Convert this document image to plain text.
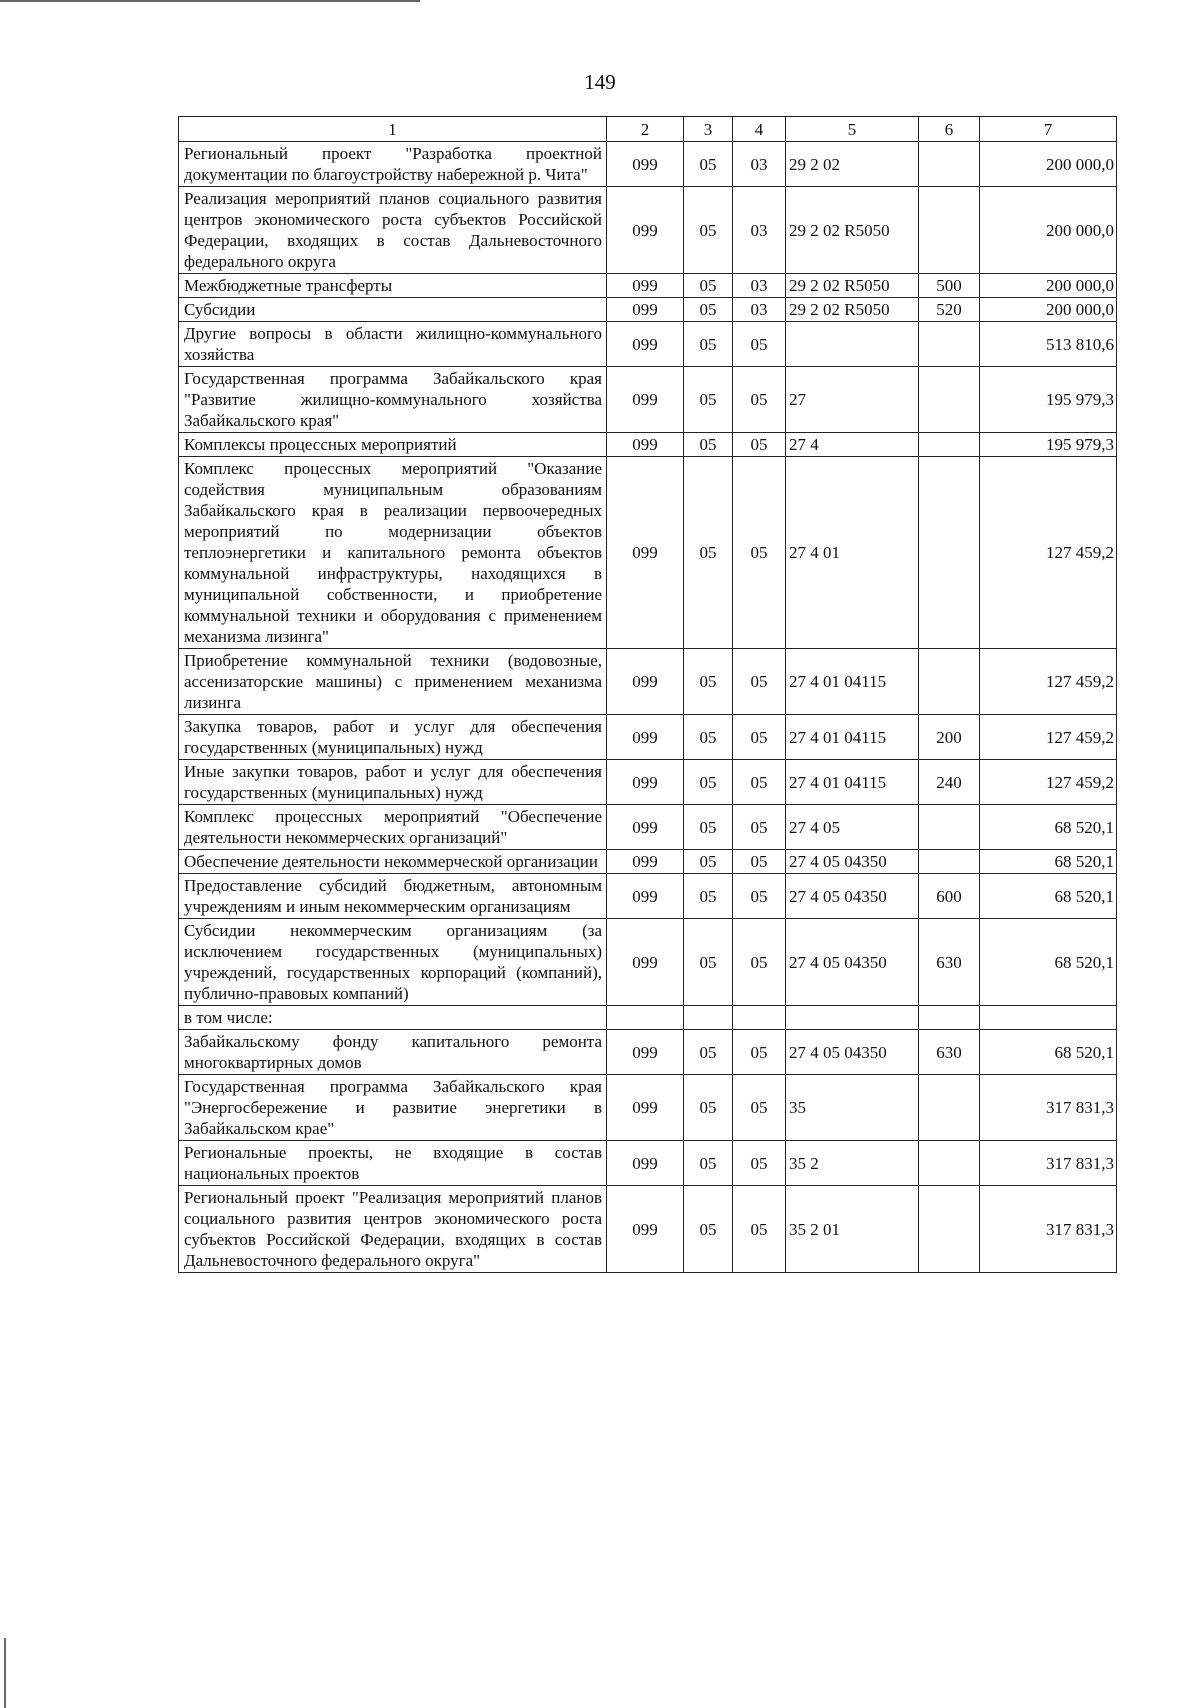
149
1	2	3	4	5	6	7
Региональный проект "Разработка проектной документации по благоустройству набережной р. Чита"	099	05	03	29 2 02		200 000,0
Реализация мероприятий планов социального развития центров экономического роста субъектов Российской Федерации, входящих в состав Дальневосточного федерального округа	099	05	03	29 2 02 R5050		200 000,0
Межбюджетные трансферты	099	05	03	29 2 02 R5050	500	200 000,0
Субсидии	099	05	03	29 2 02 R5050	520	200 000,0
Другие вопросы в области жилищно-коммунального хозяйства	099	05	05			513 810,6
Государственная программа Забайкальского края "Развитие жилищно-коммунального хозяйства Забайкальского края"	099	05	05	27		195 979,3
Комплексы процессных мероприятий	099	05	05	27 4		195 979,3
Комплекс процессных мероприятий "Оказание содействия муниципальным образованиям Забайкальского края в реализации первоочередных мероприятий по модернизации объектов теплоэнергетики и капитального ремонта объектов коммунальной инфраструктуры, находящихся в муниципальной собственности, и приобретение коммунальной техники и оборудования с применением механизма лизинга"	099	05	05	27 4 01		127 459,2
Приобретение коммунальной техники (водовозные, ассенизаторские машины) с применением механизма лизинга	099	05	05	27 4 01 04115		127 459,2
Закупка товаров, работ и услуг для обеспечения государственных (муниципальных) нужд	099	05	05	27 4 01 04115	200	127 459,2
Иные закупки товаров, работ и услуг для обеспечения государственных (муниципальных) нужд	099	05	05	27 4 01 04115	240	127 459,2
Комплекс процессных мероприятий "Обеспечение деятельности некоммерческих организаций"	099	05	05	27 4 05		68 520,1
Обеспечение деятельности некоммерческой организации	099	05	05	27 4 05 04350		68 520,1
Предоставление субсидий бюджетным, автономным учреждениям и иным некоммерческим организациям	099	05	05	27 4 05 04350	600	68 520,1
Субсидии некоммерческим организациям (за исключением государственных (муниципальных) учреждений, государственных корпораций (компаний), публично-правовых компаний)	099	05	05	27 4 05 04350	630	68 520,1
в том числе:						
Забайкальскому фонду капитального ремонта многоквартирных домов	099	05	05	27 4 05 04350	630	68 520,1
Государственная программа Забайкальского края "Энергосбережение и развитие энергетики в Забайкальском крае"	099	05	05	35		317 831,3
Региональные проекты, не входящие в состав национальных проектов	099	05	05	35 2		317 831,3
Региональный проект "Реализация мероприятий планов социального развития центров экономического роста субъектов Российской Федерации, входящих в состав Дальневосточного федерального округа"	099	05	05	35 2 01		317 831,3
